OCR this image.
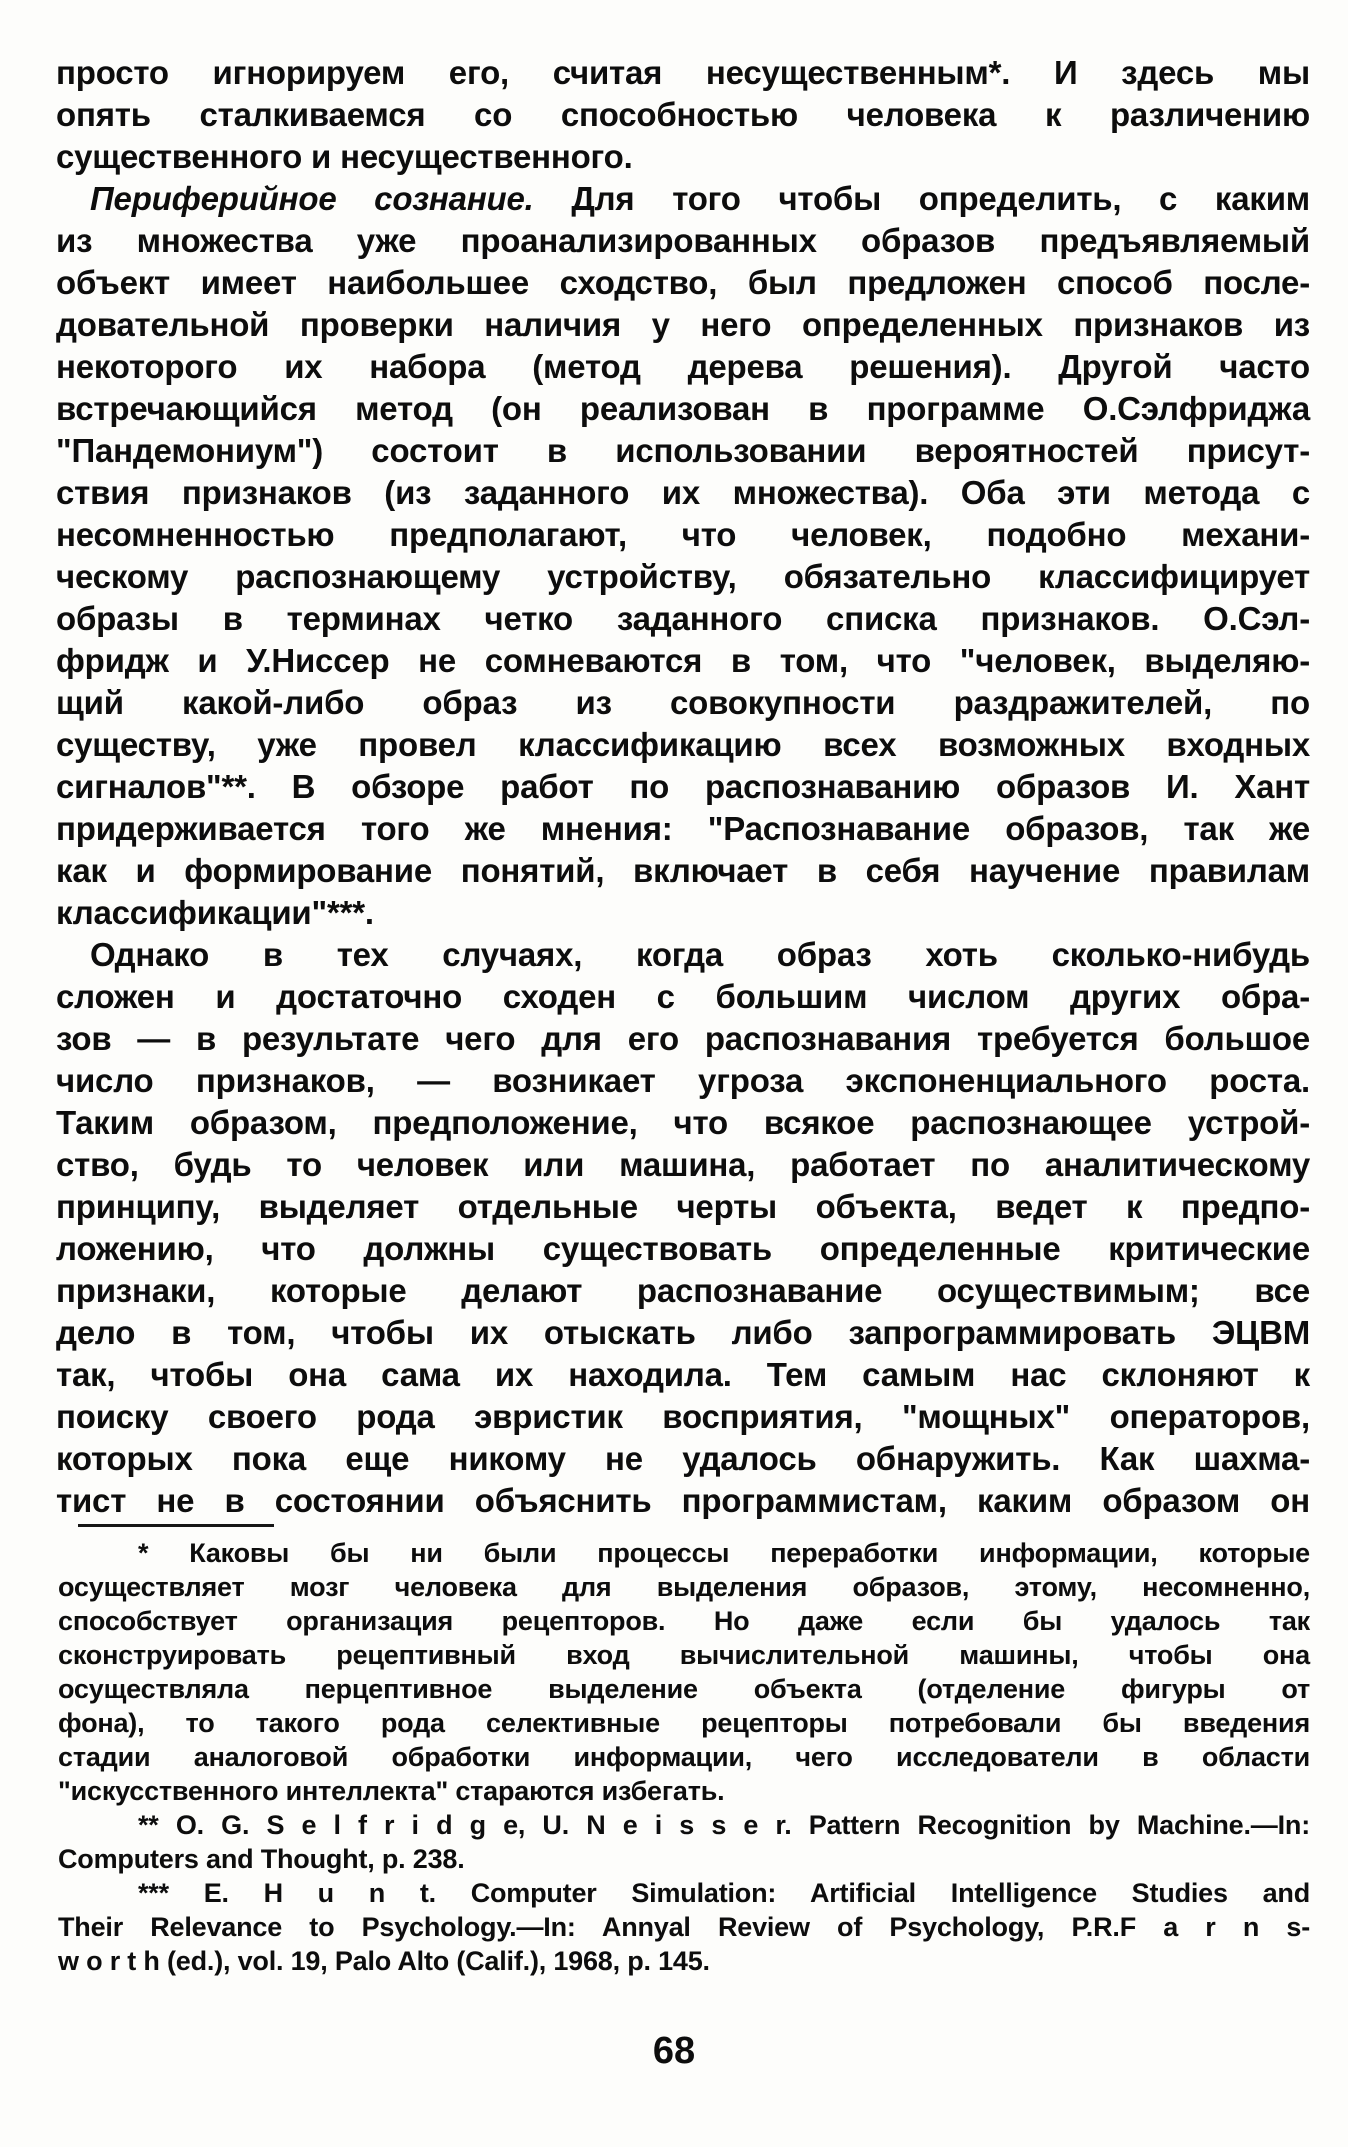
просто игнорируем его, считая несущественным*. И здесь мы
опять сталкиваемся со способностью человека к различению
существенного и несущественного.
Периферийное сознание. Для того чтобы определить, с каким
из множества уже проанализированных образов предъявляемый
объект имеет наибольшее сходство, был предложен способ после-
довательной проверки наличия у него определенных признаков из
некоторого их набора (метод дерева решения). Другой часто
встречающийся метод (он реализован в программе О.Сэлфриджа
"Пандемониум") состоит в использовании вероятностей присут-
ствия признаков (из заданного их множества). Оба эти метода с
несомненностью предполагают, что человек, подобно механи-
ческому распознающему устройству, обязательно классифицирует
образы в терминах четко заданного списка признаков. О.Сэл-
фридж и У.Ниссер не сомневаются в том, что "человек, выделяю-
щий какой-либо образ из совокупности раздражителей, по
существу, уже провел классификацию всех возможных входных
сигналов"**. В обзоре работ по распознаванию образов И. Хант
придерживается того же мнения: "Распознавание образов, так же
как и формирование понятий, включает в себя научение правилам
классификации"***.
Однако в тех случаях, когда образ хоть сколько-нибудь
сложен и достаточно сходен с большим числом других обра-
зов — в результате чего для его распознавания требуется большое
число признаков, — возникает угроза экспоненциального роста.
Таким образом, предположение, что всякое распознающее устрой-
ство, будь то человек или машина, работает по аналитическому
принципу, выделяет отдельные черты объекта, ведет к предпо-
ложению, что должны существовать определенные критические
признаки, которые делают распознавание осуществимым; все
дело в том, чтобы их отыскать либо запрограммировать ЭЦВМ
так, чтобы она сама их находила. Тем самым нас склоняют к
поиску своего рода эвристик восприятия, "мощных" операторов,
которых пока еще никому не удалось обнаружить. Как шахма-
тист не в состоянии объяснить программистам, каким образом он
* Каковы бы ни были процессы переработки информации, которые
осуществляет мозг человека для выделения образов, этому, несомненно,
способствует организация рецепторов. Но даже если бы удалось так
сконструировать рецептивный вход вычислительной машины, чтобы она
осуществляла перцептивное выделение объекта (отделение фигуры от
фона), то такого рода селективные рецепторы потребовали бы введения
стадии аналоговой обработки информации, чего исследователи в области
"искусственного интеллекта" стараются избегать.
** O. G. S e l f r i d g e, U. N e i s s e r. Pattern Recognition by Machine.—In:
Computers and Thought, p. 238.
*** E. H u n t. Computer Simulation: Artificial Intelligence Studies and
Their Relevance to Psychology.—In: Annyal Review of Psychology, P.R.F a r n s-
w o r t h (ed.), vol. 19, Palo Alto (Calif.), 1968, p. 145.
68
